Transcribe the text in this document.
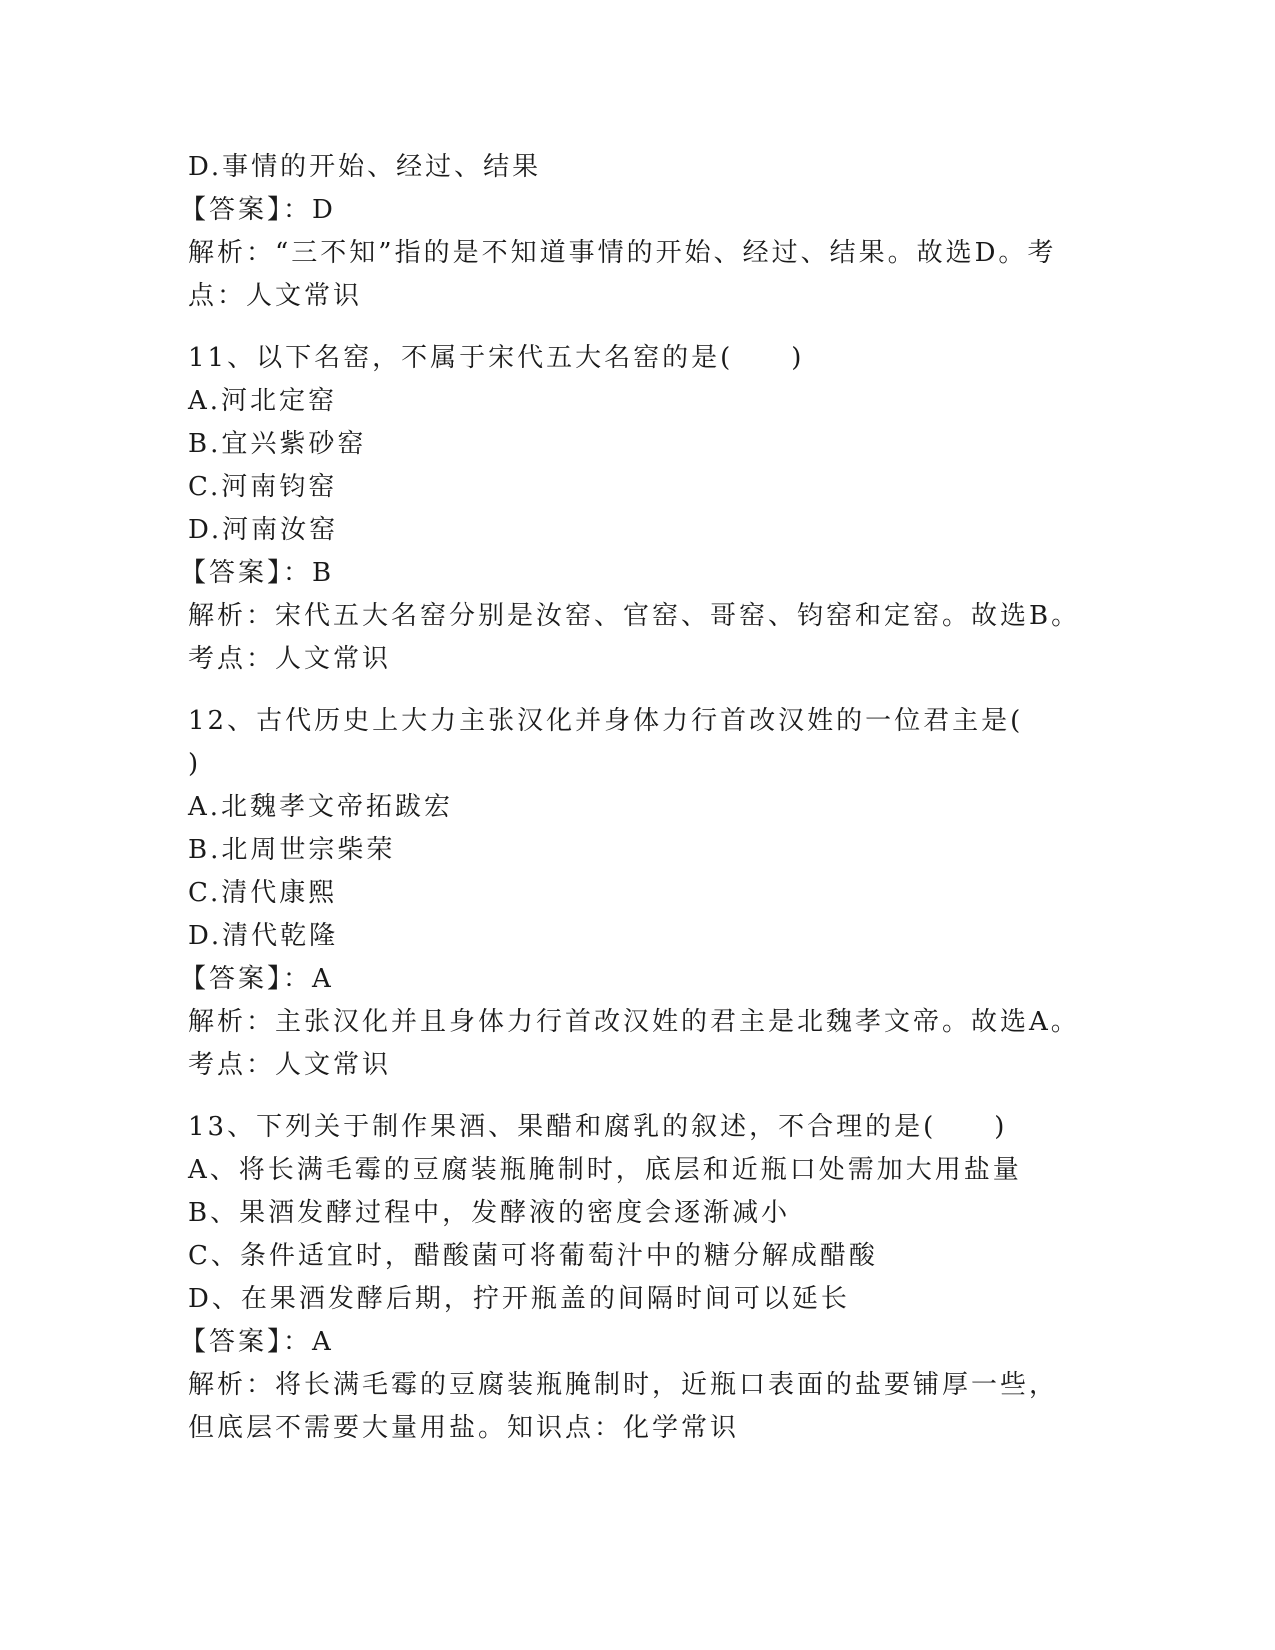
D.事情的开始、经过、结果
【答案】：D
解析：“三不知”指的是不知道事情的开始、经过、结果。故选D。考
点：人文常识
11、以下名窑，不属于宋代五大名窑的是(　　)
A.河北定窑
B.宜兴紫砂窑
C.河南钧窑
D.河南汝窑
【答案】：B
解析：宋代五大名窑分别是汝窑、官窑、哥窑、钧窑和定窑。故选B。
考点：人文常识
12、古代历史上大力主张汉化并身体力行首改汉姓的一位君主是(
)
A.北魏孝文帝拓跋宏
B.北周世宗柴荣
C.清代康熙
D.清代乾隆
【答案】：A
解析：主张汉化并且身体力行首改汉姓的君主是北魏孝文帝。故选A。
考点：人文常识
13、下列关于制作果酒、果醋和腐乳的叙述，不合理的是(　　)
A、将长满毛霉的豆腐装瓶腌制时，底层和近瓶口处需加大用盐量
B、果酒发酵过程中，发酵液的密度会逐渐减小
C、条件适宜时，醋酸菌可将葡萄汁中的糖分解成醋酸
D、在果酒发酵后期，拧开瓶盖的间隔时间可以延长
【答案】：A
解析：将长满毛霉的豆腐装瓶腌制时，近瓶口表面的盐要铺厚一些，
但底层不需要大量用盐。知识点：化学常识
